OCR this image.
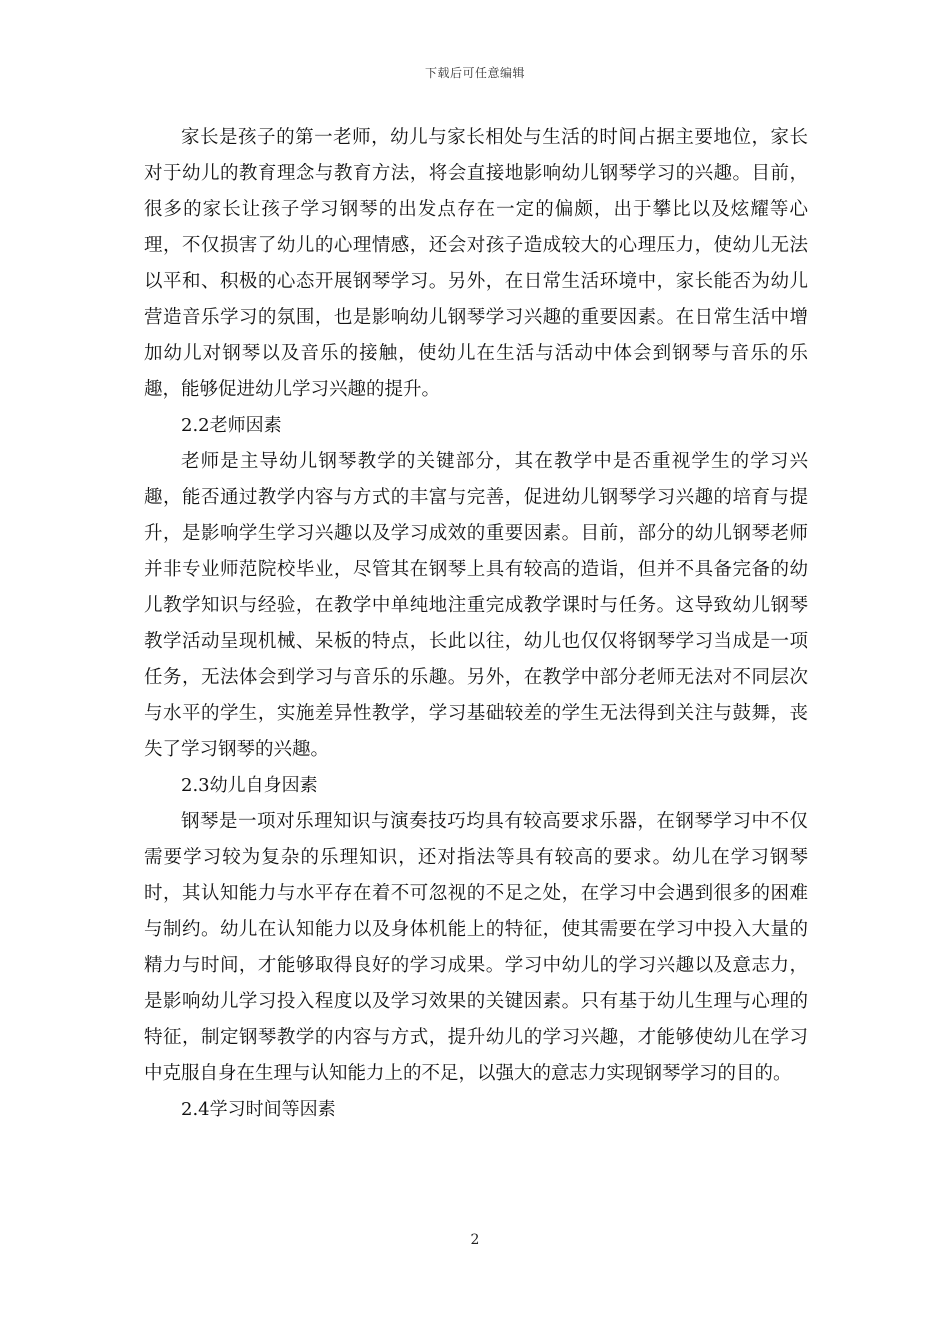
下载后可任意编辑

家长是孩子的第一老师，幼儿与家长相处与生活的时间占据主要地位，家长对于幼儿的教育理念与教育方法，将会直接地影响幼儿钢琴学习的兴趣。目前，很多的家长让孩子学习钢琴的出发点存在一定的偏颇，出于攀比以及炫耀等心理，不仅损害了幼儿的心理情感，还会对孩子造成较大的心理压力，使幼儿无法以平和、积极的心态开展钢琴学习。另外，在日常生活环境中，家长能否为幼儿营造音乐学习的氛围，也是影响幼儿钢琴学习兴趣的重要因素。在日常生活中增加幼儿对钢琴以及音乐的接触，使幼儿在生活与活动中体会到钢琴与音乐的乐趣，能够促进幼儿学习兴趣的提升。

2.2老师因素

老师是主导幼儿钢琴教学的关键部分，其在教学中是否重视学生的学习兴趣，能否通过教学内容与方式的丰富与完善，促进幼儿钢琴学习兴趣的培育与提升，是影响学生学习兴趣以及学习成效的重要因素。目前，部分的幼儿钢琴老师并非专业师范院校毕业，尽管其在钢琴上具有较高的造诣，但并不具备完备的幼儿教学知识与经验，在教学中单纯地注重完成教学课时与任务。这导致幼儿钢琴教学活动呈现机械、呆板的特点，长此以往，幼儿也仅仅将钢琴学习当成是一项任务，无法体会到学习与音乐的乐趣。另外，在教学中部分老师无法对不同层次与水平的学生，实施差异性教学，学习基础较差的学生无法得到关注与鼓舞，丧失了学习钢琴的兴趣。

2.3幼儿自身因素

钢琴是一项对乐理知识与演奏技巧均具有较高要求乐器，在钢琴学习中不仅需要学习较为复杂的乐理知识，还对指法等具有较高的要求。幼儿在学习钢琴时，其认知能力与水平存在着不可忽视的不足之处，在学习中会遇到很多的困难与制约。幼儿在认知能力以及身体机能上的特征，使其需要在学习中投入大量的精力与时间，才能够取得良好的学习成果。学习中幼儿的学习兴趣以及意志力，是影响幼儿学习投入程度以及学习效果的关键因素。只有基于幼儿生理与心理的特征，制定钢琴教学的内容与方式，提升幼儿的学习兴趣，才能够使幼儿在学习中克服自身在生理与认知能力上的不足，以强大的意志力实现钢琴学习的目的。

2.4学习时间等因素

2
